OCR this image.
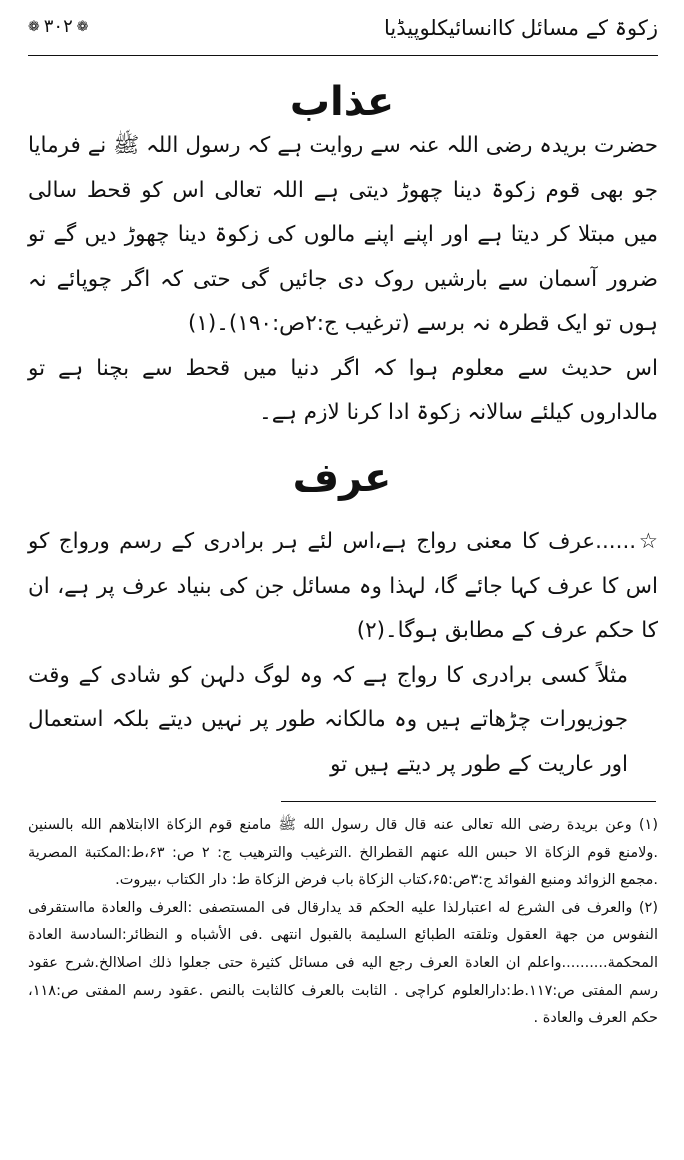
زکوۃ کے مسائل کاانسائیکلوپیڈیا
❁ ۳۰۲ ❁
عذاب

حضرت بریدہ رضی اللہ عنہ سے روایت ہے کہ رسول اللہ ﷺ نے فرمایا جو بھی قوم زکوۃ دینا چھوڑ دیتی ہے اللہ تعالی اس کو قحط سالی میں مبتلا کر دیتا ہے اور اپنے اپنے مالوں کی زکوۃ دینا چھوڑ دیں گے تو ضرور آسمان سے بارشیں روک دی جائیں گی حتی کہ اگر چوپائے نہ ہوں تو ایک قطرہ نہ برسے (ترغیب ج:۲ص:۱۹۰)۔(۱)

اس حدیث سے معلوم ہوا کہ اگر دنیا میں قحط سے بچنا ہے تو مالداروں کیلئے سالانہ زکوۃ ادا کرنا لازم ہے۔

عرف

☆......عرف کا معنی رواج ہے،اس لئے ہر برادری کے رسم ورواج کو اس کا عرف کہا جائے گا، لہذا وہ مسائل جن کی بنیاد عرف پر ہے، ان کا حکم عرف کے مطابق ہوگا۔(۲)

مثلاً کسی برادری کا رواج ہے کہ وہ لوگ دلہن کو شادی کے وقت جوزیورات چڑھاتے ہیں وہ مالکانہ طور پر نہیں دیتے بلکہ استعمال اور عاریت کے طور پر دیتے ہیں تو

(۱) وعن بريدة رضى الله تعالى عنه قال قال رسول الله ﷺ مامنع قوم الزكاة الاابتلاهم الله بالسنين .ولامنع قوم الزكاة الا حبس الله عنهم القطرالخ .الترغيب والترهيب ج: ۲ ص: ۶۳،ط:المكتبة المصرية .مجمع الزوائد ومنبع الفوائد ج:۳ص:۶۵،كتاب الزكاة باب فرض الزكاة ط: دار الكتاب ،بيروت.

(۲) والعرف فى الشرع له اعتبارلذا عليه الحكم قد يدارقال فى المستصفى :العرف والعادة مااستقرفى النفوس من جهة العقول وتلقته الطبائع السليمة بالقبول انتهى .فى الأشباه و النظائر:السادسة العادة المحكمة..........واعلم ان العادة العرف رجع اليه فى مسائل كثيرة حتى جعلوا ذلك اصلاالخ.شرح عقود رسم المفتى ص:۱۱۷.ط:دارالعلوم كراچى . الثابت بالعرف كالثابت بالنص .عقود رسم المفتى ص:۱۱۸، حكم العرف والعادة .
